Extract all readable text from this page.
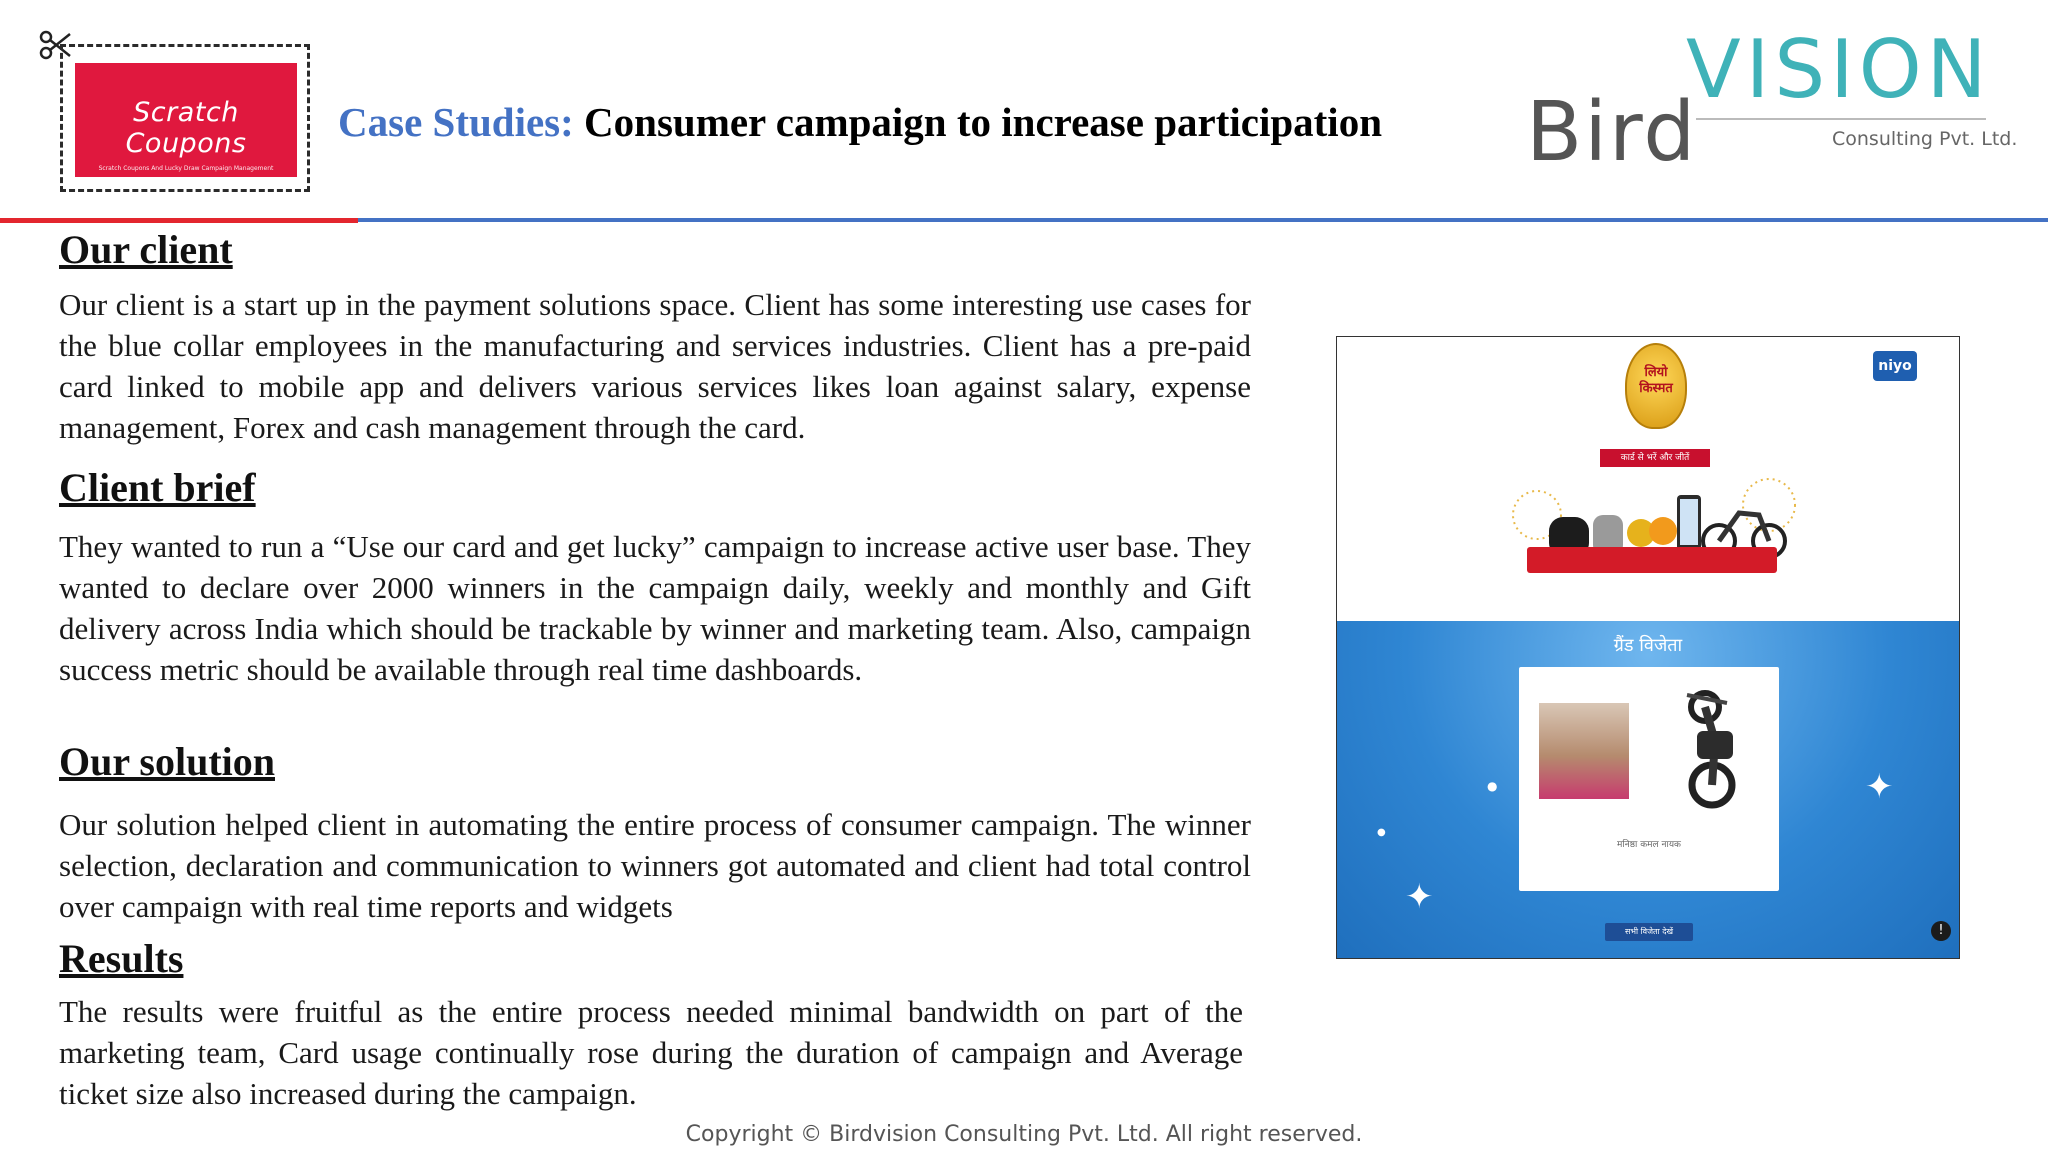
Scratch Coupons
Scratch Coupons And Lucky Draw Campaign Management
Case Studies: Consumer campaign to increase participation
VISION
Bird	Consulting Pvt. Ltd.
Our client

Our client is a start up in the payment solutions space. Client has some interesting use cases for the blue collar employees in the manufacturing and services industries. Client has a pre-paid card linked to mobile app and delivers various services likes loan against salary, expense management, Forex and cash management through the card.

Client brief

They wanted to run a “Use our card and get lucky” campaign to increase active user base. They wanted to declare over 2000 winners in the campaign daily, weekly and monthly and Gift delivery across India which should be trackable by winner and marketing team. Also, campaign success metric should be available through real time dashboards.

Our solution

Our solution helped client in automating the entire process of consumer campaign. The winner selection, declaration and communication to winners got automated and client had total control over campaign with real time reports and widgets

Results

The results were fruitful as the entire process needed minimal bandwidth on part of the marketing team, Card usage continually rose during the duration of campaign and Average ticket size also increased during the campaign.

लियो किस्मत
कार्ड से भरें और जीतें
niyo
ग्रैंड विजेता
✦
✦
●
●
मनिष्ठा कमल नायक
सभी विजेता देखें	!
Copyright © Birdvision Consulting Pvt. Ltd. All right reserved.
